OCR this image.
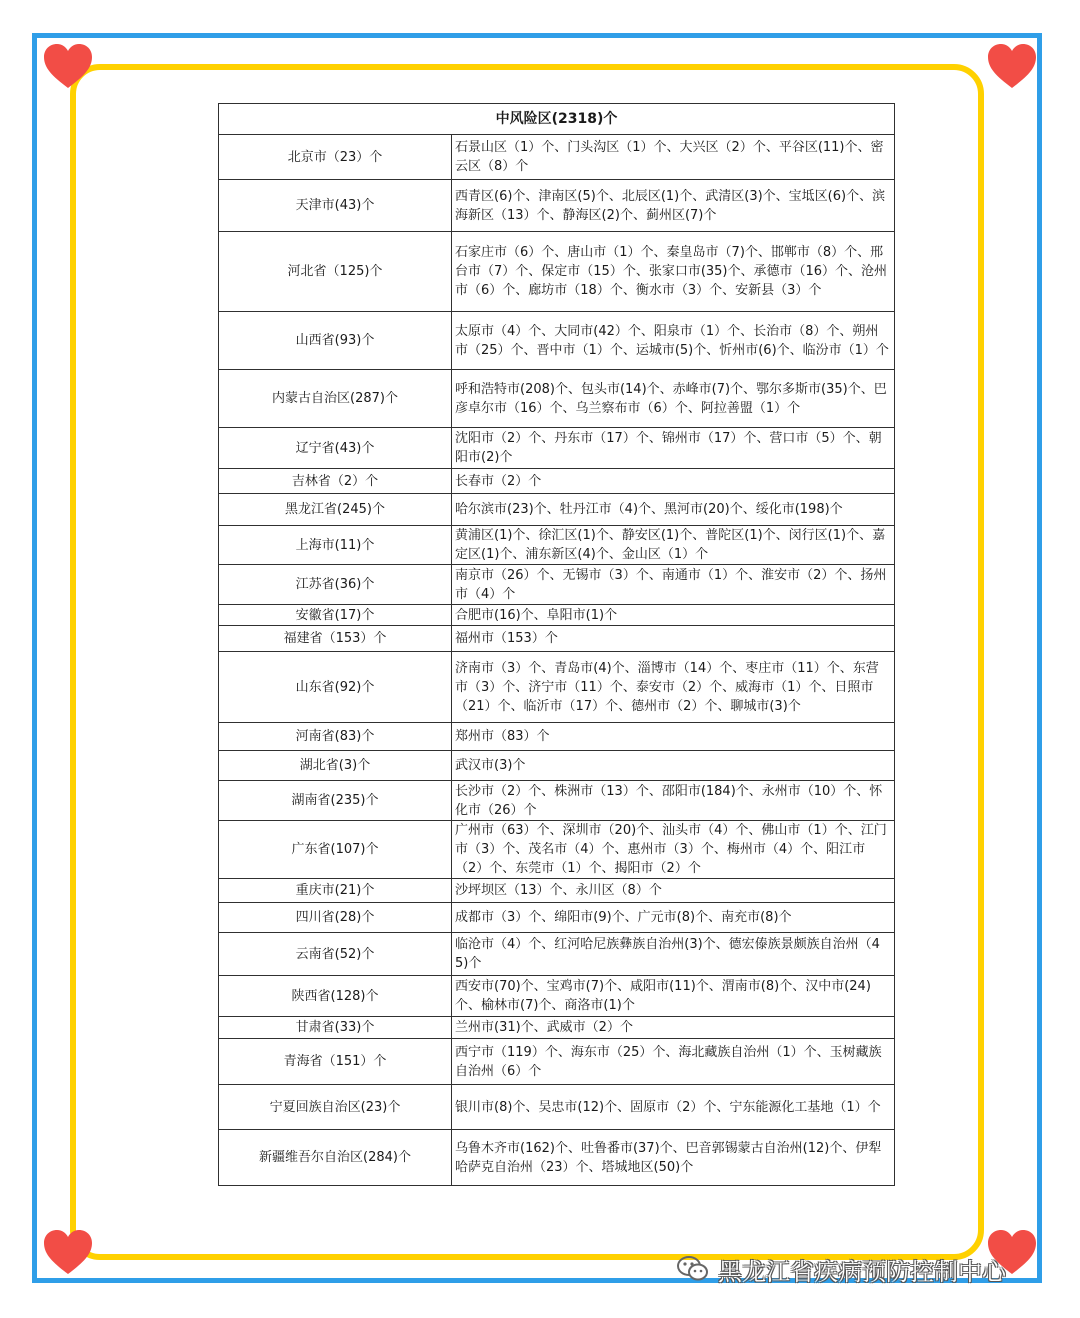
中风险区(2318)个	
北京市（23）个	石景山区（1）个、门头沟区（1）个、大兴区（2）个、平谷区(11)个、密云区（8）个
天津市(43)个	西青区(6)个、津南区(5)个、北辰区(1)个、武清区(3)个、宝坻区(6)个、滨海新区（13）个、静海区(2)个、蓟州区(7)个
河北省（125)个	石家庄市（6）个、唐山市（1）个、秦皇岛市（7)个、邯郸市（8）个、邢台市（7）个、保定市（15）个、张家口市(35)个、承德市（16）个、沧州市（6）个、廊坊市（18）个、衡水市（3）个、安新县（3）个
山西省(93)个	太原市（4）个、大同市(42）个、阳泉市（1）个、长治市（8）个、朔州市（25）个、晋中市（1）个、运城市(5)个、忻州市(6)个、临汾市（1）个
内蒙古自治区(287)个	呼和浩特市(208)个、包头市(14)个、赤峰市(7)个、鄂尔多斯市(35)个、巴彦卓尔市（16）个、乌兰察布市（6）个、阿拉善盟（1）个
辽宁省(43)个	沈阳市（2）个、丹东市（17）个、锦州市（17）个、营口市（5）个、朝阳市(2)个
吉林省（2）个	长春市（2）个
黑龙江省(245)个	哈尔滨市(23)个、牡丹江市（4)个、黑河市(20)个、绥化市(198)个
上海市(11)个	黄浦区(1)个、徐汇区(1)个、静安区(1)个、普陀区(1)个、闵行区(1)个、嘉定区(1)个、浦东新区(4)个、金山区（1）个
江苏省(36)个	南京市（26）个、无锡市（3）个、南通市（1）个、淮安市（2）个、扬州市（4）个
安徽省(17)个	合肥市(16)个、阜阳市(1)个
福建省（153）个	福州市（153）个
山东省(92)个	济南市（3）个、青岛市(4)个、淄博市（14）个、枣庄市（11）个、东营市（3）个、济宁市（11）个、泰安市（2）个、威海市（1）个、日照市（21）个、临沂市（17）个、德州市（2）个、聊城市(3)个
河南省(83)个	郑州市（83）个
湖北省(3)个	武汉市(3)个
湖南省(235)个	长沙市（2）个、株洲市（13）个、邵阳市(184)个、永州市（10）个、怀化市（26）个
广东省(107)个	广州市（63）个、深圳市（20)个、汕头市（4）个、佛山市（1）个、江门市（3）个、茂名市（4）个、惠州市（3）个、梅州市（4）个、阳江市（2）个、东莞市（1）个、揭阳市（2）个
重庆市(21)个	沙坪坝区（13）个、永川区（8）个
四川省(28)个	成都市（3）个、绵阳市(9)个、广元市(8)个、南充市(8)个
云南省(52)个	临沧市（4）个、红河哈尼族彝族自治州(3)个、德宏傣族景颇族自治州（45)个
陕西省(128)个	西安市(70)个、宝鸡市(7)个、咸阳市(11)个、渭南市(8)个、汉中市(24)个、榆林市(7)个、商洛市(1)个
甘肃省(33)个	兰州市(31)个、武威市（2）个
青海省（151）个	西宁市（119）个、海东市（25）个、海北藏族自治州（1）个、玉树藏族自治州（6）个
宁夏回族自治区(23)个	银川市(8)个、吴忠市(12)个、固原市（2）个、宁东能源化工基地（1）个
新疆维吾尔自治区(284)个	乌鲁木齐市(162)个、吐鲁番市(37)个、巴音郭锡蒙古自治州(12)个、伊犁哈萨克自治州（23）个、塔城地区(50)个
黑龙江省疾病预防控制中心
